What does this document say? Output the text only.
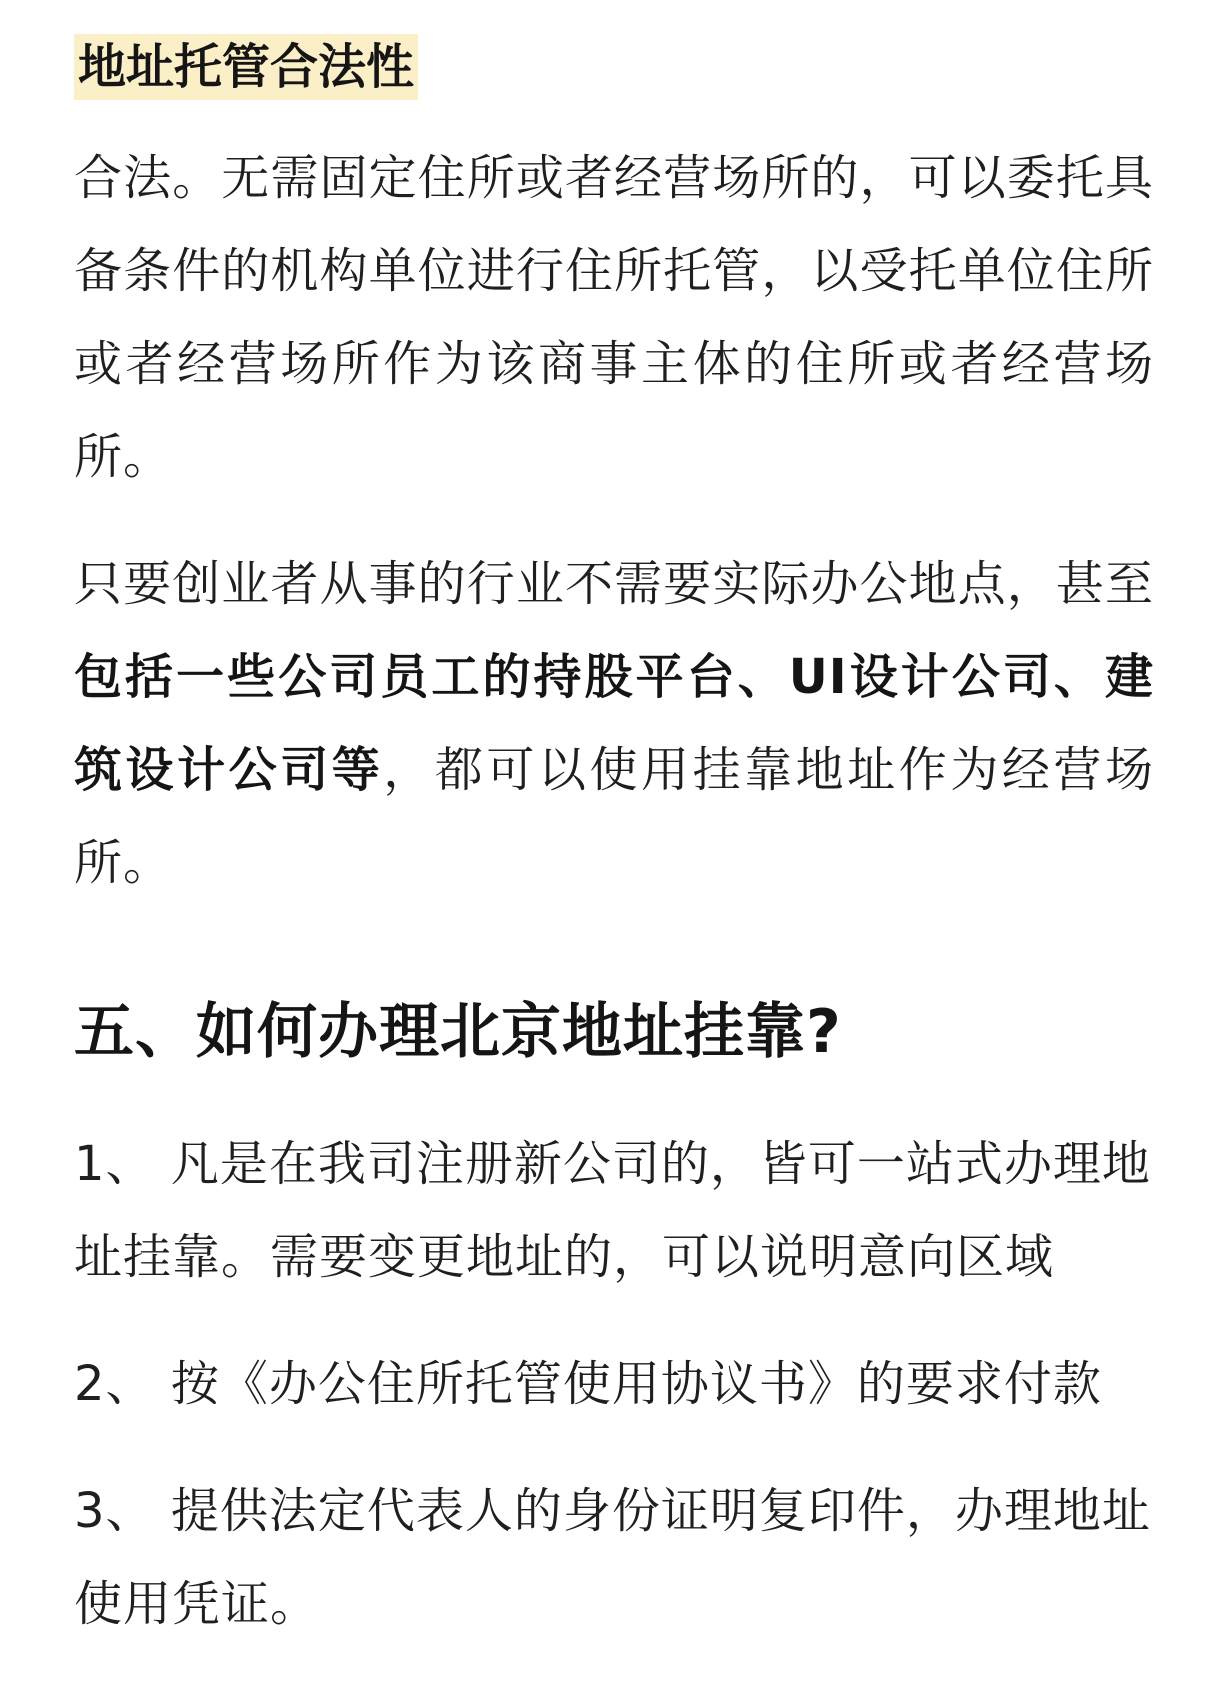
地址托管合法性

合法。无需固定住所或者经营场所的，可以委托具备条件的机构单位进行住所托管，以受托单位住所或者经营场所作为该商事主体的住所或者经营场所。

只要创业者从事的行业不需要实际办公地点，甚至包括一些公司员工的持股平台、UI设计公司、建筑设计公司等，都可以使用挂靠地址作为经营场所。

五、如何办理北京地址挂靠?

1、 凡是在我司注册新公司的，皆可一站式办理地址挂靠。需要变更地址的，可以说明意向区域

2、 按《办公住所托管使用协议书》的要求付款

3、 提供法定代表人的身份证明复印件，办理地址使用凭证。
